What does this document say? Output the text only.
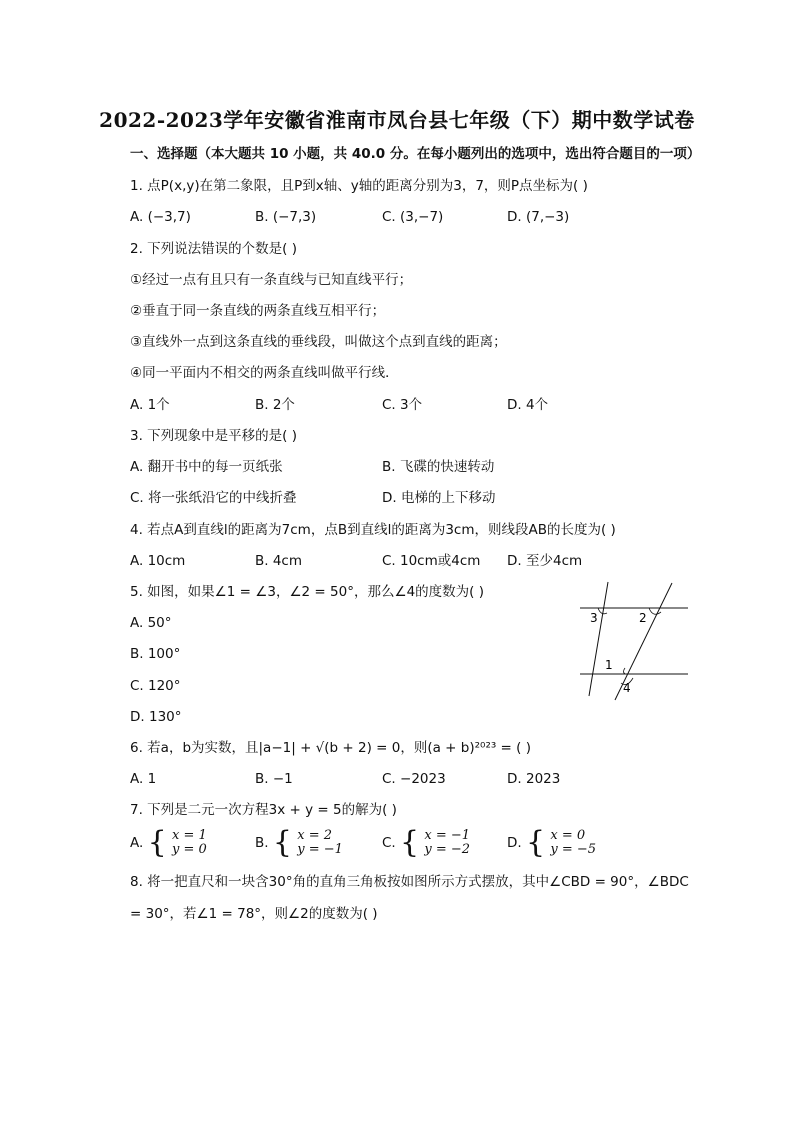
2022-2023学年安徽省淮南市凤台县七年级（下）期中数学试卷
一、选择题（本大题共 10 小题，共 40.0 分。在每小题列出的选项中，选出符合题目的一项）
1. 点P(x,y)在第二象限，且P到x轴、y轴的距离分别为3，7，则P点坐标为( )
A. (−3,7)	B. (−7,3)	C. (3,−7)	D. (7,−3)
2. 下列说法错误的个数是( )
①经过一点有且只有一条直线与已知直线平行；
②垂直于同一条直线的两条直线互相平行；
③直线外一点到这条直线的垂线段，叫做这个点到直线的距离；
④同一平面内不相交的两条直线叫做平行线．
A. 1个	B. 2个	C. 3个	D. 4个
3. 下列现象中是平移的是( )
A. 翻开书中的每一页纸张	B. 飞碟的快速转动
C. 将一张纸沿它的中线折叠	D. 电梯的上下移动
4. 若点A到直线l的距离为7cm，点B到直线l的距离为3cm，则线段AB的长度为( )
A. 10cm	B. 4cm	C. 10cm或4cm D. 至少4cm
5. 如图，如果∠1 = ∠3，∠2 = 50°，那么∠4的度数为( )
A. 50°
B. 100°
C. 120°
D. 130°
3	2
1
4
6. 若a，b为实数，且|a−1| + √(b + 2) = 0，则(a + b)²⁰²³ = ( )
A. 1	B. −1	C. −2023	D. 2023
7. 下列是二元一次方程3x + y = 5的解为( )
A. { x = 1
y = 0	B. { x = 2
y = −1	C. { x = −1
y = −2	D. { x = 0
y = −5
8. 将一把直尺和一块含30°角的直角三角板按如图所示方式摆放，其中∠CBD = 90°，∠BDC
= 30°，若∠1 = 78°，则∠2的度数为( )
